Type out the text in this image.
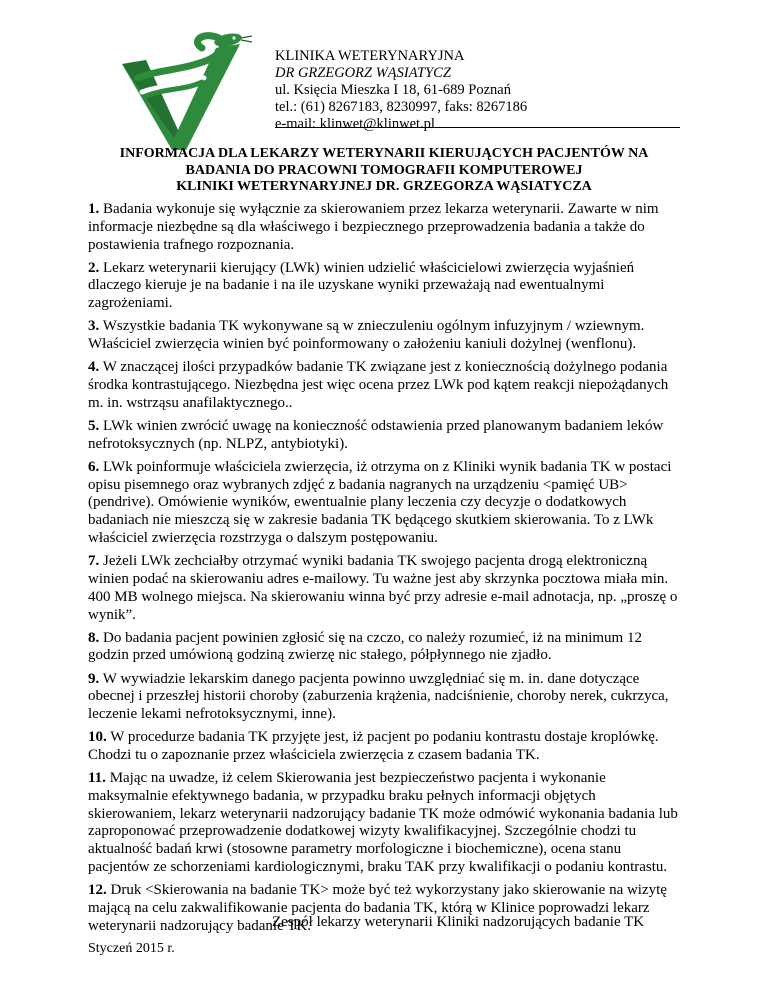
KLINIKA WETERYNARYJNA
DR GRZEGORZ WĄSIATYCZ
ul. Księcia Mieszka I 18, 61-689 Poznań
tel.: (61) 8267183, 8230997, faks: 8267186
e-mail: klinwet@klinwet.pl
INFORMACJA DLA LEKARZY WETERYNARII KIERUJĄCYCH PACJENTÓW NA
BADANIA DO PRACOWNI TOMOGRAFII KOMPUTEROWEJ
KLINIKI WETERYNARYJNEJ DR. GRZEGORZA WĄSIATYCZA

1. Badania wykonuje się wyłącznie za skierowaniem przez lekarza weterynarii. Zawarte w nim informacje niezbędne są dla właściwego i bezpiecznego przeprowadzenia badania a także do postawienia trafnego rozpoznania.

2. Lekarz weterynarii kierujący (LWk) winien udzielić właścicielowi zwierzęcia wyjaśnień dlaczego kieruje je na badanie i na ile uzyskane wyniki przeważają nad ewentualnymi zagrożeniami.

3. Wszystkie badania TK wykonywane są w znieczuleniu ogólnym infuzyjnym / wziewnym. Właściciel zwierzęcia winien być poinformowany o założeniu kaniuli dożylnej (wenflonu).

4. W znaczącej ilości przypadków badanie TK związane jest z koniecznością dożylnego podania środka kontrastującego. Niezbędna jest więc ocena przez LWk pod kątem reakcji niepożądanych m. in. wstrząsu anafilaktycznego..

5. LWk winien zwrócić uwagę na konieczność odstawienia przed planowanym badaniem leków nefrotoksycznych (np. NLPZ, antybiotyki).

6. LWk poinformuje właściciela zwierzęcia, iż otrzyma on z Kliniki wynik badania TK w postaci opisu pisemnego oraz wybranych zdjęć z badania nagranych na urządzeniu <pamięć UB> (pendrive). Omówienie wyników, ewentualnie plany leczenia czy decyzje o dodatkowych badaniach nie mieszczą się w zakresie badania TK będącego skutkiem skierowania. To z LWk właściciel zwierzęcia rozstrzyga o dalszym postępowaniu.

7. Jeżeli LWk zechciałby otrzymać wyniki badania TK swojego pacjenta drogą elektroniczną winien podać na skierowaniu adres e-mailowy. Tu ważne jest aby skrzynka pocztowa miała min. 400 MB wolnego miejsca. Na skierowaniu winna być przy adresie e-mail adnotacja, np. „proszę o wynik”.

8. Do badania pacjent powinien zgłosić się na czczo, co należy rozumieć, iż na minimum 12 godzin przed umówioną godziną zwierzę nic stałego, półpłynnego nie zjadło.

9. W wywiadzie lekarskim danego pacjenta powinno uwzględniać się m. in. dane dotyczące obecnej i przeszłej historii choroby (zaburzenia krążenia, nadciśnienie, choroby nerek, cukrzyca, leczenie lekami nefrotoksycznymi, inne).

10. W procedurze badania TK przyjęte jest, iż pacjent po podaniu kontrastu dostaje kroplówkę. Chodzi tu o zapoznanie przez właściciela zwierzęcia z czasem badania TK.

11. Mając na uwadze, iż celem Skierowania jest bezpieczeństwo pacjenta i wykonanie maksymalnie efektywnego badania, w przypadku braku pełnych informacji objętych skierowaniem, lekarz weterynarii nadzorujący badanie TK może odmówić wykonania badania lub zaproponować przeprowadzenie dodatkowej wizyty kwalifikacyjnej. Szczególnie chodzi tu aktualność badań krwi (stosowne parametry morfologiczne i biochemiczne), ocena stanu pacjentów ze schorzeniami kardiologicznymi, braku TAK przy kwalifikacji o podaniu kontrastu.

12. Druk <Skierowania na badanie TK> może być też wykorzystany jako skierowanie na wizytę mającą na celu zakwalifikowanie pacjenta do badania TK, którą w Klinice poprowadzi lekarz weterynarii nadzorujący badanie TK.

Zespół lekarzy weterynarii Kliniki nadzorujących badanie TK
Styczeń 2015 r.
